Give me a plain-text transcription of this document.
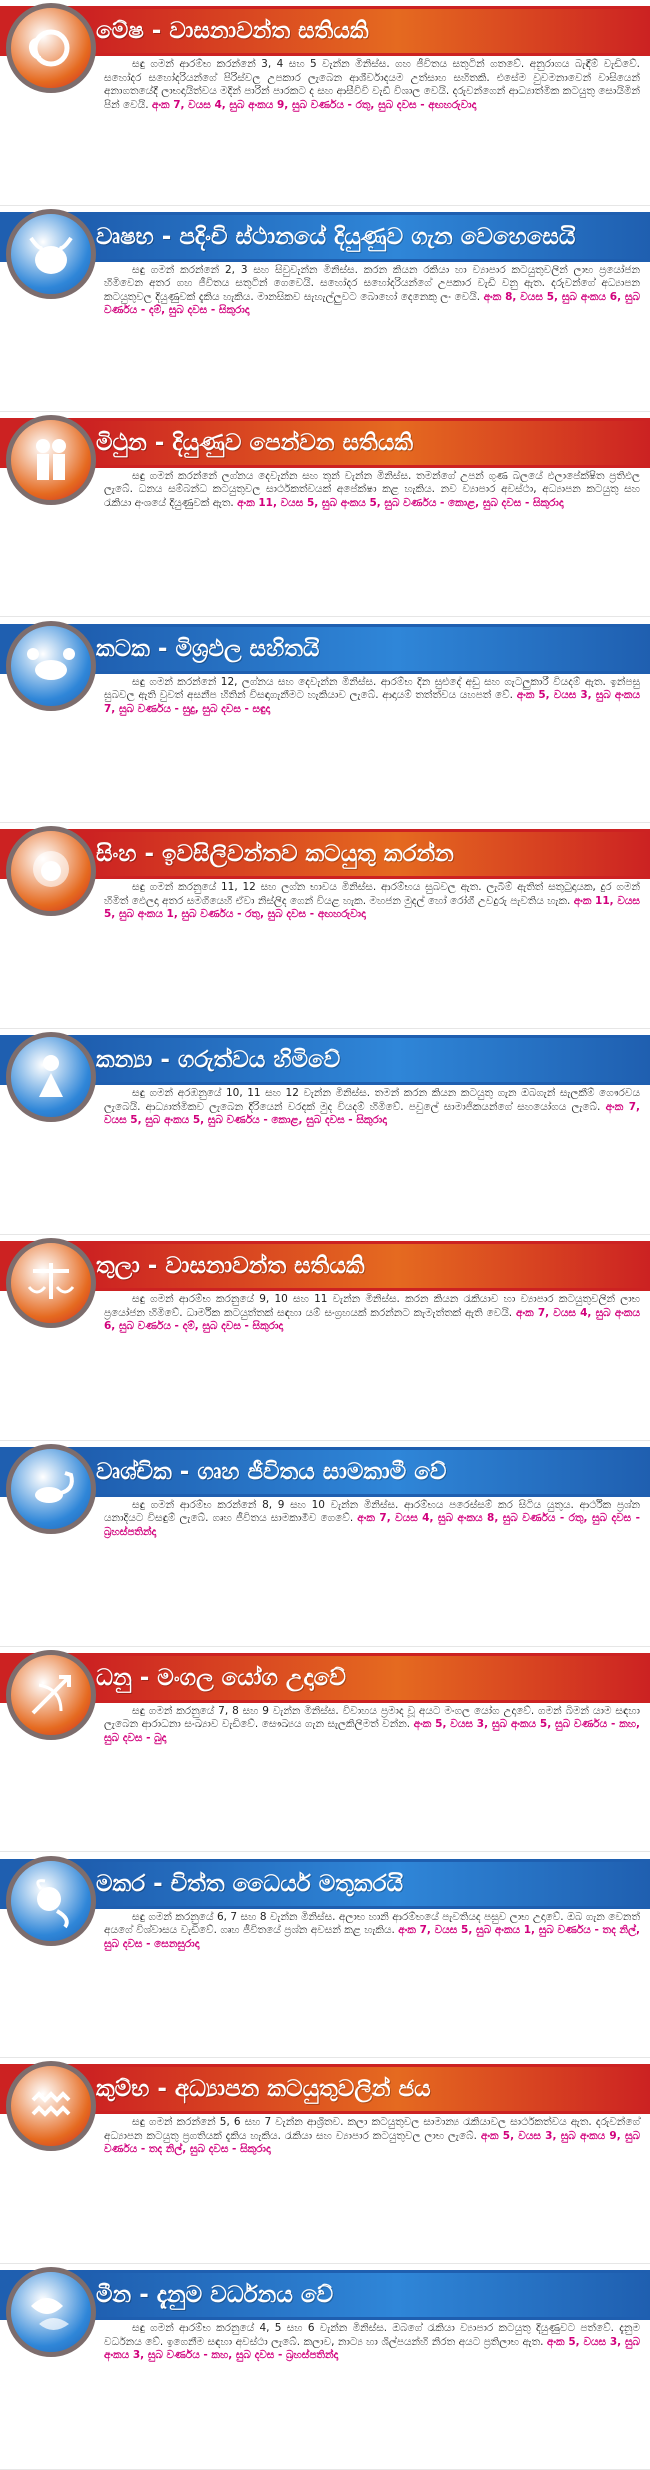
මේෂ - වාසනාවන්ත සතියකි
සඳු ගමන් ආරම්භ කරන්නේ 3, 4 සහ 5 වැන්න මිනිස්ස. ගහ ජීවිතය සතුටින් ගතවේ. අනුරාගය බැඳීම් වැඩිවේ. සහෝදර සහෝදරියන්ගේ පිරිස්වල උපකාර ලැබෙන ආශීර්වාදයම උත්සාහ සහිතකි. එසේම වුවමනාවෙන් වාසියෙන් අනාගතයේදී ලාභදායිත්වය මදින් පාරින් පාරකට ද සහ ආසීවිවි වැඩී විශාල වෙයි. දරුවන්ගෙන් ආධ්‍යාත්මික කටයුතු සොයිමින් පින් වෙයි. අංක 7, වයස 4, සුබ අංකය 9, සුබ වර්ණය - රතු, සුබ දවස - අඟහරුවාදා
වෘෂභ - පදිංචි ස්ථානයේ දියුණුව ගැන වෙහෙසෙයි
සඳු ගමන් කරන්නේ 2, 3 සහ සිවුවැන්න මිනිස්ස. කරන කියන රකියා හා ව්‍යාපාර කටයුතුවලින් ලාභ ප්‍රයෝජන හිමිවෙන අතර ගහ ජීවිතය සතුටින් ගෙවෙයි. සහෝදර සහෝදරියන්ගේ උපකාර වැඩි වනු ඇත. දරුවන්ගේ අධ්‍යාපන කටයුතුවල දියුණුවක් දැකිය හැකිය. මානසිකව සැහැල්ලුවට බොහෝ දෙනෙකු ලං වෙයි. අංක 8, වයස 5, සුබ අංකය 6, සුබ වර්ණය - දම්, සුබ දවස - සිකුරාදා
මිථුන - දියුණුව පෙන්වන සතියකි
සඳු ගමන් කරන්නේ ලග්නය දෙවැන්න සහ තුන් වැන්න මිනිස්ස. තමන්ගේ උපන් ගුණ බලයේ ඵලාපේක්ෂිත ප්‍රතිඵල ලැබේ. ධනය සම්බන්ධ කටයුතුවල සාර්ථකත්වයක් අපේක්ෂා කළ හැකිය. නව ව්‍යාපාර අවස්ථා, අධ්‍යාපන කටයුතු සහ රැකියා අංශයේ දියුණුවක් ඇත. අංක 11, වයස 5, සුබ අංකය 5, සුබ වර්ණය - කොළ, සුබ දවස - සිකුරාදා
කටක - මිශ්‍රඵල සහිතයි
සඳු ගමන් කරන්නේ 12, ලග්නය සහ දෙවැන්න මිනිස්ස. ආරම්භ දින සුළුදේ අඩු සහ ගැටලුකාරී වියදම් ඇත. ඉන්පසු සුබවල ඇති වුවත් අසනීප හිතින් විසඳාගැනීමට හැකියාව ලැබේ. ආදායම් තත්ත්වය යහපත් වේ. අංක 5, වයස 3, සුබ අංකය 7, සුබ වර්ණය - සුදු, සුබ දවස - සඳුදා
සිංහ - ඉවසිලිවන්තව කටයුතු කරන්න
සඳු ගමන් කරනුයේ 11, 12 සහ ලග්න භාවය මිනිස්ස. ආරම්භය සුබවල ඇත. ලැබීම් ඇතිත් සතුටුදායක, දුර ගමන් හිමිත් ඵෙලදා අතර සමගියෙහි ඒවා නිස්ලිද ගෙන් වියළ හැක. මහජන මුදල් හෝ රෝගී උවදුරු පැවතිය හැක. අංක 11, වයස 5, සුබ අංකය 1, සුබ වර්ණය - රතු, සුබ දවස - අඟහරුවාදා
කන්‍යා - ගරුත්වය හිමිවේ
සඳු ගමන් අරඹනුයේ 10, 11 සහ 12 වැන්න මිනිස්ස. තමන් කරන කියන කටයුතු ගැන ඔබගැන් සැලකීම් ගෞරවය ලැබෙයි. ආධ්‍යාත්මිකව ලැබෙන දිරියෙන් වරදක් මුද වියදම් හිමිවේ. පවුලේ සාමාජිකයන්ගේ සහයෝගය ලැබේ. අංක 7, වයස 5, සුබ අංකය 5, සුබ වර්ණය - කොළ, සුබ දවස - සිකුරාදා
තුලා - වාසනාවන්ත සතියකි
සඳු ගමන් ආරම්භ කරනුයේ 9, 10 සහ 11 වැන්න මිනිස්ස. කරන කියන රැකියාව හා ව්‍යාපාර කටයුතුවලින් ලාභ ප්‍රයෝජන හිමිවේ. ධාර්මික කටයුත්තක් සඳහා යම් සංග්‍රහයක් කරන්නට කැමැත්තක් ඇති වෙයි. අංක 7, වයස 4, සුබ අංකය 6, සුබ වර්ණය - දම්, සුබ දවස - සිකුරාදා
වෘශ්චික - ගෘහ ජීවිතය සාමකාමී වේ
සඳු ගමන් ආරම්භ කරන්නේ 8, 9 සහ 10 වැන්න මිනිස්ස. ආරම්භය පරෙස්සම් කර සිටිය යුතුය. ආර්ථික ප්‍රශ්න යනාදියට විසඳුම් ලැබේ. ගෘහ ජීවිතය සාමකාමීව ගෙවේ. අංක 7, වයස 4, සුබ අංකය 8, සුබ වර්ණය - රතු, සුබ දවස - බ්‍රහස්පතින්දා
ධනු - මංගල යෝග උදාවේ
සඳු ගමන් කරනුයේ 7, 8 සහ 9 වැන්න මිනිස්ස. විවාහය ප්‍රමාද වූ අයට මංගල යෝග උදාවේ. ගමන් බිමන් යාම සඳහා ලැබෙන ආරාධනා සංඛ්‍යාව වැඩිවේ. සෞඛ්‍යය ගැන සැලකිලිමත් වන්න. අංක 5, වයස 3, සුබ අංකය 5, සුබ වර්ණය - කහ, සුබ දවස - බුදා
මකර - චිත්ත ධෛර්ය මතුකරයි
සඳු ගමන් කරනුයේ 6, 7 සහ 8 වැන්න මිනිස්ස. අලාභ හානි ආරම්භයේ පැවතියද පසුව ලාභ උදාවේ. ඔබ ගැන වෙනත් අයගේ විශ්වාසය වැඩිවේ. ගෘහ ජීවිතයේ ප්‍රශ්න අවසන් කළ හැකිය. අංක 7, වයස 5, සුබ අංකය 1, සුබ වර්ණය - තද නිල්, සුබ දවස - සෙනසුරාදා
කුම්භ - අධ්‍යාපන කටයුතුවලින් ජය
සඳු ගමන් කරන්නේ 5, 6 සහ 7 වැන්න ආශ්‍රිතව. කලා කටයුතුවල සාමාන්‍ය රැකියාවල සාර්ථකත්වය ඇත. දරුවන්ගේ අධ්‍යාපන කටයුතු ප්‍රගතියක් දැකිය හැකිය. රැකියා සහ ව්‍යාපාර කටයුතුවල ලාභ ලැබේ. අංක 5, වයස 3, සුබ අංකය 9, සුබ වර්ණය - තද නිල්, සුබ දවස - සිකුරාදා
මීන - දැනුම වර්ධනය වේ
සඳු ගමන් ආරම්භ කරනුයේ 4, 5 සහ 6 වැන්න මිනිස්ස. ඔබගේ රැකියා ව්‍යාපාර කටයුතු දියුණුවට පත්වේ. දැනුම වර්ධනය වේ. ඉගෙනීම සඳහා අවස්ථා ලැබේ. කලාව, නාට්‍ය හා ශිල්පයන්හි නිරත අයට ප්‍රතිලාභ ඇත. අංක 5, වයස 3, සුබ අංකය 3, සුබ වර්ණය - කහ, සුබ දවස - බ්‍රහස්පතින්දා
